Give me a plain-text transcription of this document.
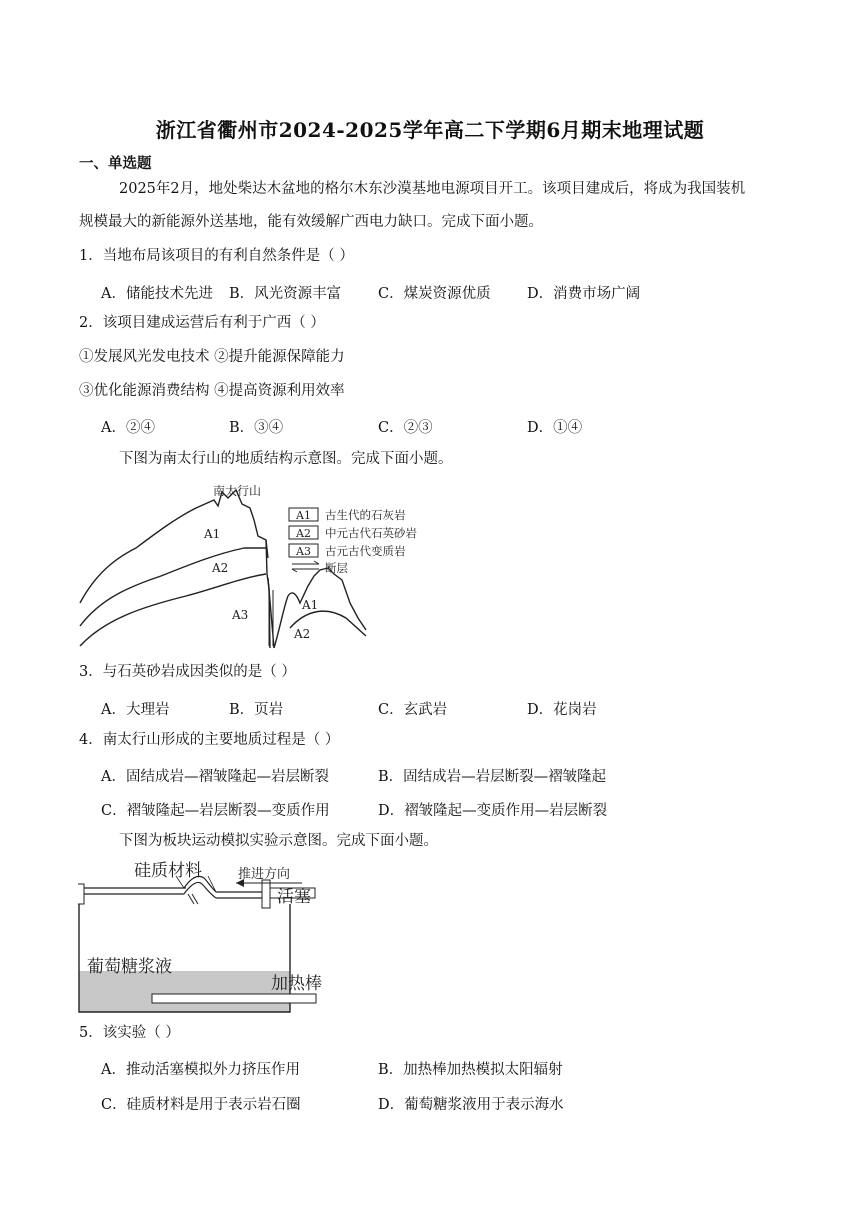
浙江省衢州市2024-2025学年高二下学期6月期末地理试题
一、单选题
2025年2月，地处柴达木盆地的格尔木东沙漠基地电源项目开工。该项目建成后，将成为我国装机
规模最大的新能源外送基地，能有效缓解广西电力缺口。完成下面小题。
1．当地布局该项目的有利自然条件是（ ）
A．储能技术先进 B．风光资源丰富	C．煤炭资源优质	D．消费市场广阔
2．该项目建成运营后有利于广西（ ）
①发展风光发电技术 ②提升能源保障能力
③优化能源消费结构 ④提高资源利用效率
A．②④	B．③④	C．②③	D．①④
下图为南太行山的地质结构示意图。完成下面小题。
南太行山
A1
A2
A3
A1
A2
A1 古生代的石灰岩
A2 中元古代石英砂岩
A3 古元古代变质岩
断层
3．与石英砂岩成因类似的是（ ）
A．大理岩	B．页岩	C．玄武岩	D．花岗岩
4．南太行山形成的主要地质过程是（ ）
A．固结成岩—褶皱隆起—岩层断裂	B．固结成岩—岩层断裂—褶皱隆起
C．褶皱隆起—岩层断裂—变质作用	D．褶皱隆起—变质作用—岩层断裂
下图为板块运动模拟实验示意图。完成下面小题。
硅质材料	推进方向
活塞
葡萄糖浆液
加热棒
5．该实验（ ）
A．推动活塞模拟外力挤压作用	B．加热棒加热模拟太阳辐射
C．硅质材料是用于表示岩石圈	D．葡萄糖浆液用于表示海水
